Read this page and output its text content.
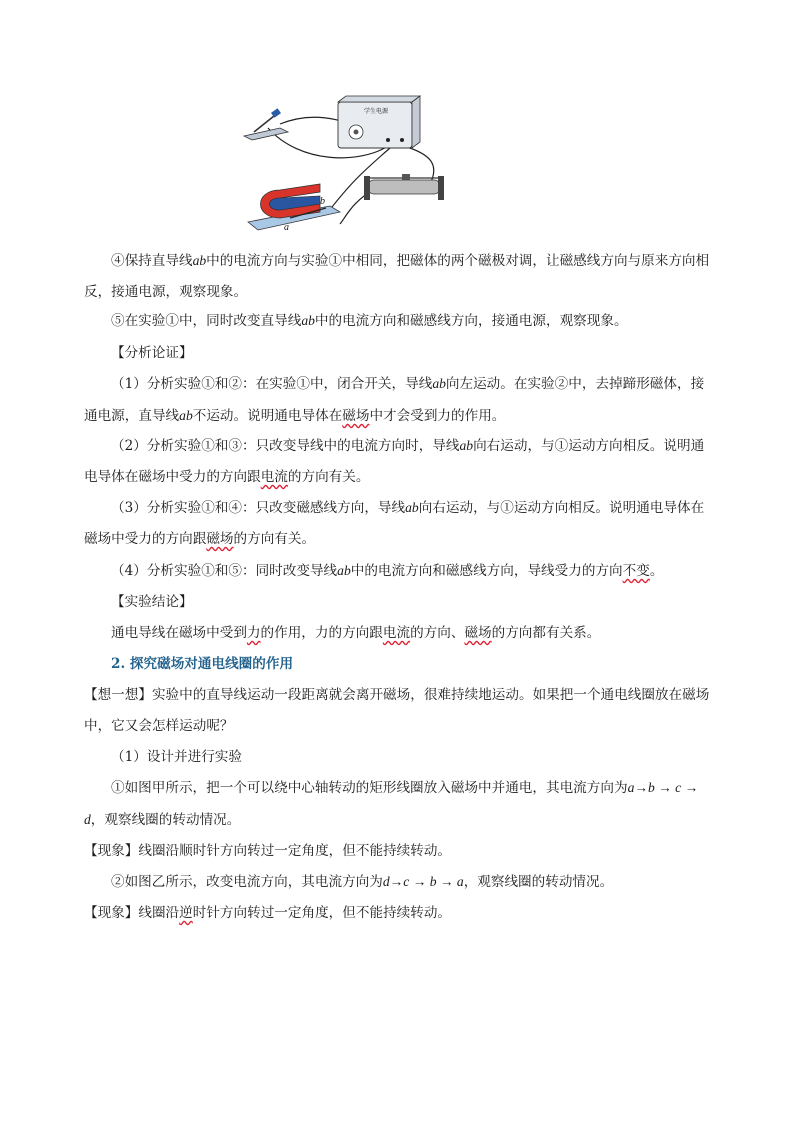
学生电源
b
a

④保持直导线ab中的电流方向与实验①中相同，把磁体的两个磁极对调，让磁感线方向与原来方向相反，接通电源，观察现象。

⑤在实验①中，同时改变直导线ab中的电流方向和磁感线方向，接通电源，观察现象。
【分析论证】

（1）分析实验①和②：在实验①中，闭合开关，导线ab向左运动。在实验②中，去掉蹄形磁体，接通电源，直导线ab不运动。说明通电导体在磁场中才会受到力的作用。

（2）分析实验①和③：只改变导线中的电流方向时，导线ab向右运动，与①运动方向相反。说明通电导体在磁场中受力的方向跟电流的方向有关。

（3）分析实验①和④：只改变磁感线方向，导线ab向右运动，与①运动方向相反。说明通电导体在磁场中受力的方向跟磁场的方向有关。

（4）分析实验①和⑤：同时改变导线ab中的电流方向和磁感线方向，导线受力的方向不变。
【实验结论】
通电导线在磁场中受到力的作用，力的方向跟电流的方向、磁场的方向都有关系。
2. 探究磁场对通电线圈的作用

【想一想】实验中的直导线运动一段距离就会离开磁场，很难持续地运动。如果把一个通电线圈放在磁场中，它又会怎样运动呢？

（1）设计并进行实验

①如图甲所示，把一个可以绕中心轴转动的矩形线圈放入磁场中并通电，其电流方向为a→b → c → d，观察线圈的转动情况。

【现象】线圈沿顺时针方向转过一定角度，但不能持续转动。
②如图乙所示，改变电流方向，其电流方向为d→c → b → a，观察线圈的转动情况。
【现象】线圈沿逆时针方向转过一定角度，但不能持续转动。
